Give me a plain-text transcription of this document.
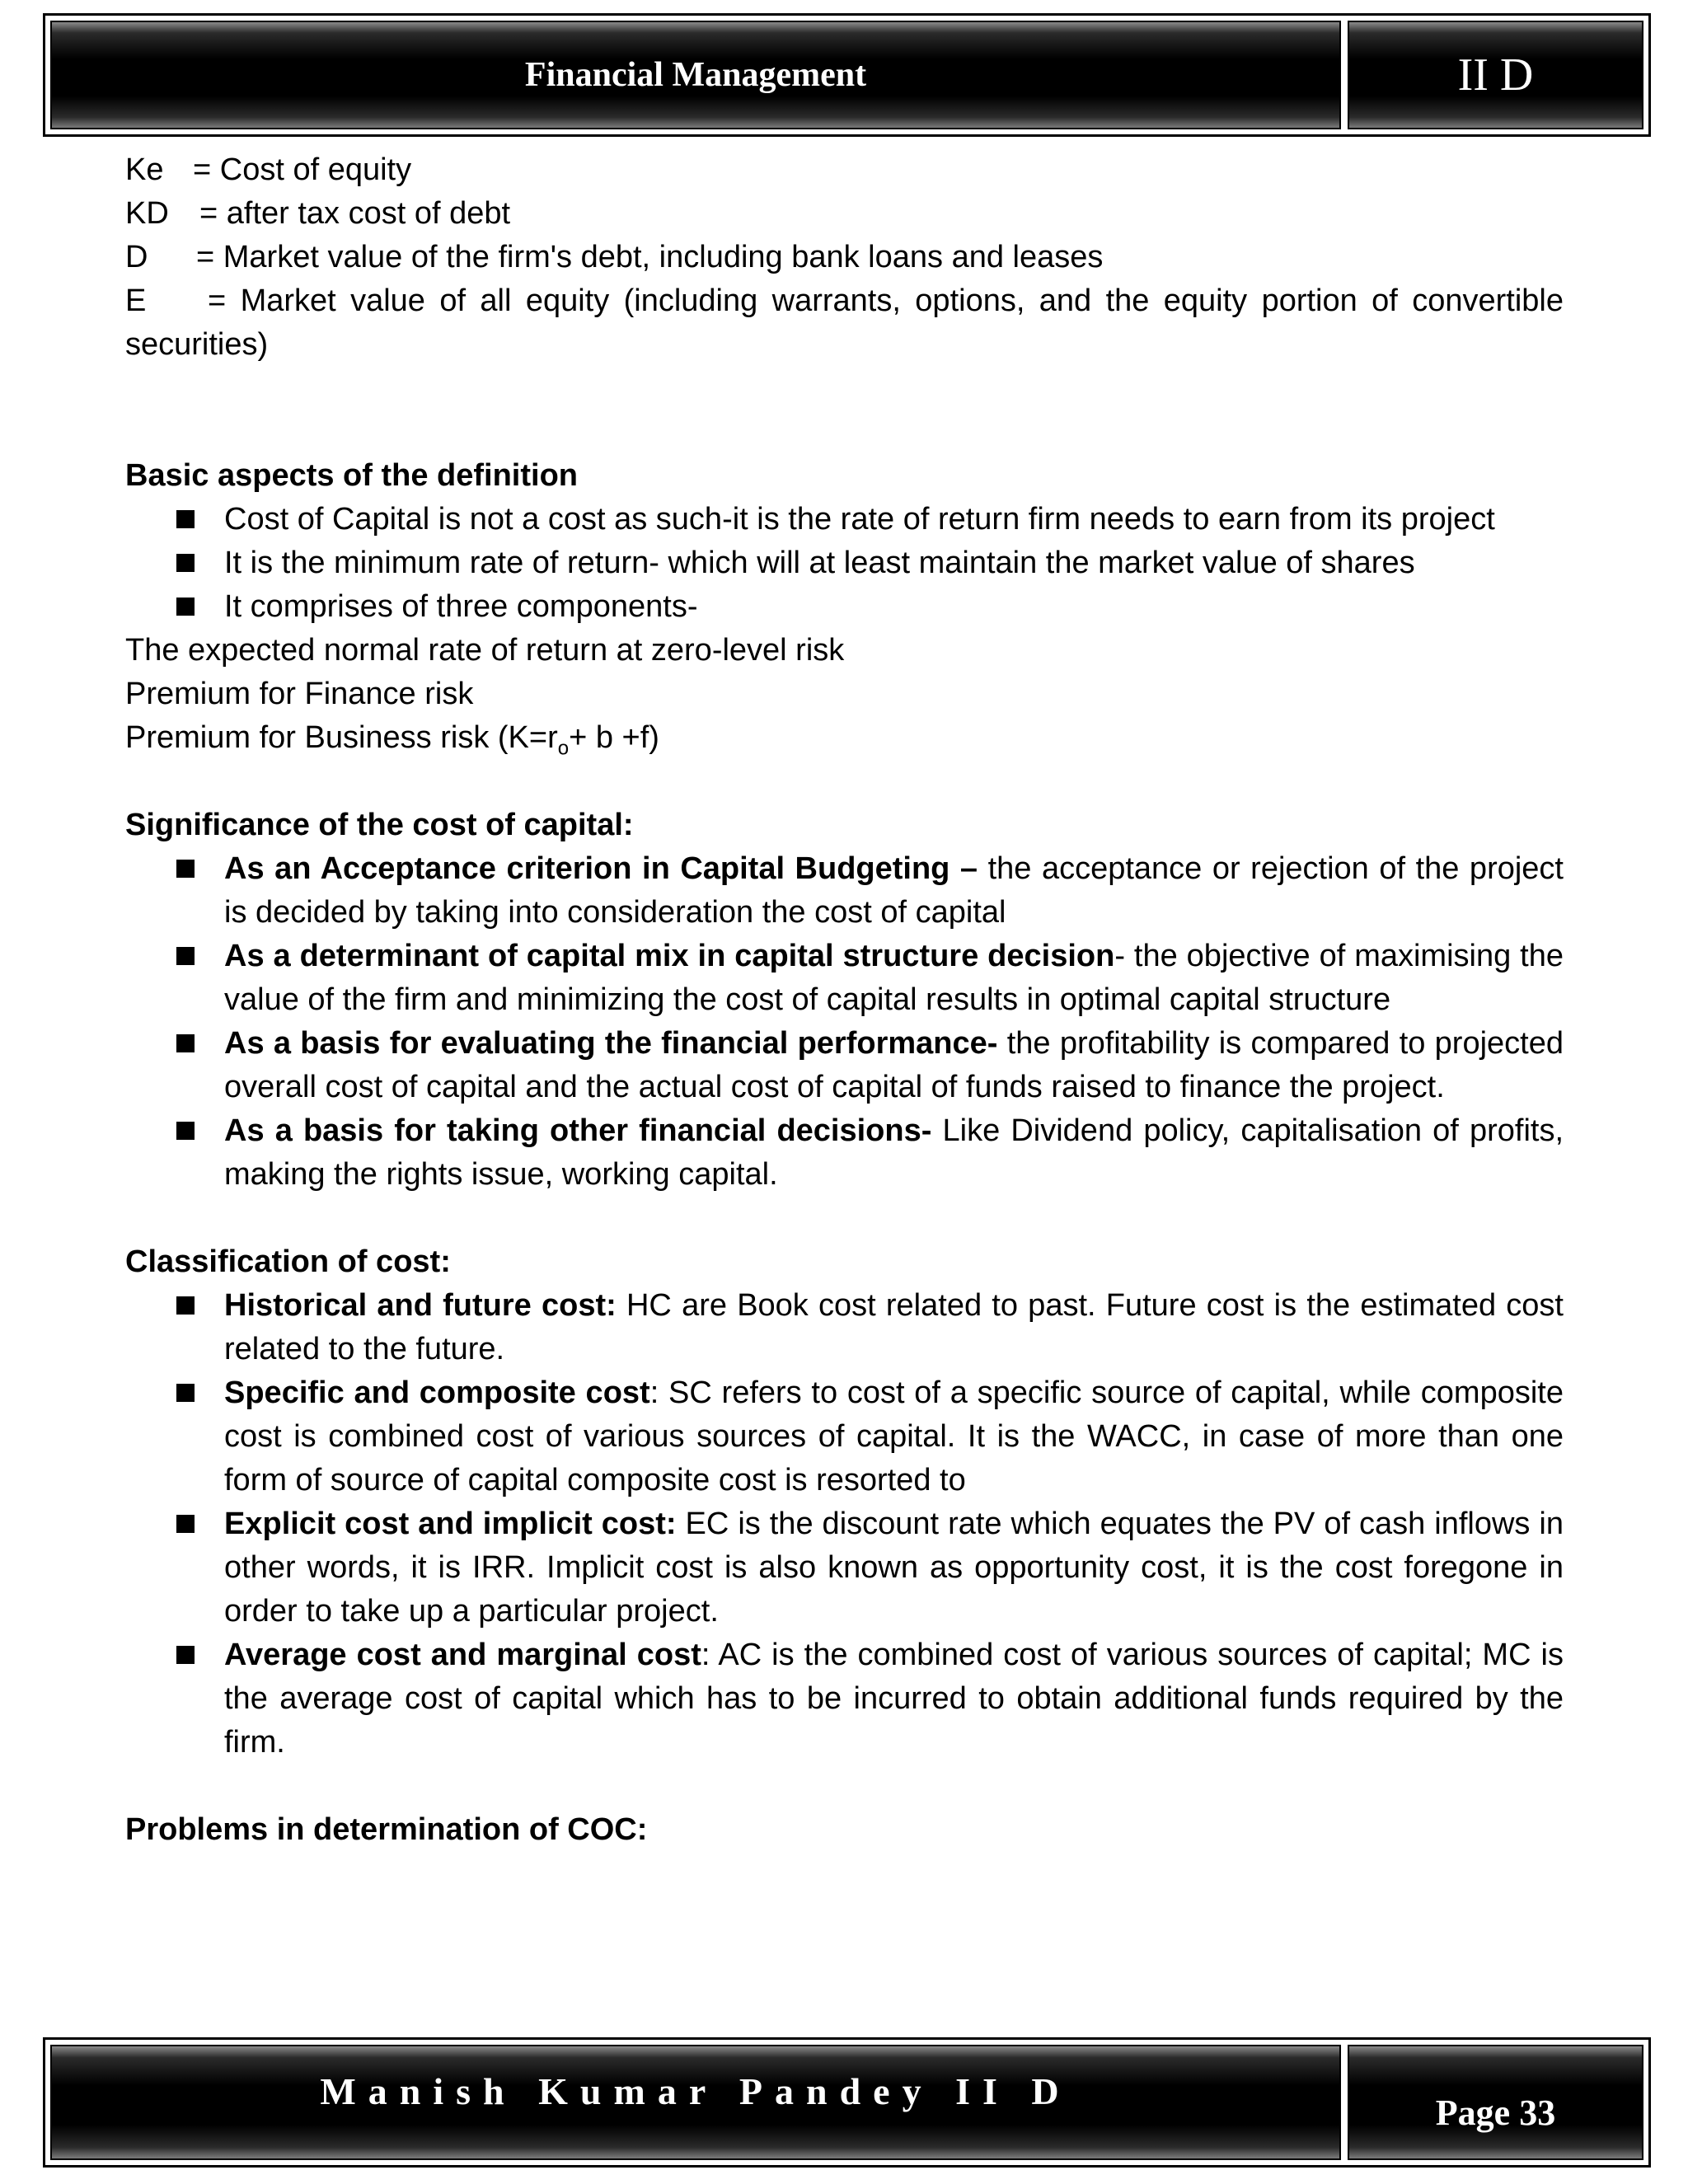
Financial Management	II D
Ke = Cost of equity
KD = after tax cost of debt
D	= Market value of the firm's debt, including bank loans and leases

E = Market value of all equity (including warrants, options, and the equity portion of convertible securities)

Basic aspects of the definition

Cost of Capital is not a cost as such-it is the rate of return firm needs to earn from its project
It is the minimum rate of return- which will at least maintain the market value of shares
It comprises of three components-

The expected normal rate of return at zero-level risk

Premium for Finance risk

Premium for Business risk $(K=r_o+ b +f)$

Significance of the cost of capital:

As an Acceptance criterion in Capital Budgeting – the acceptance or rejection of the project is decided by taking into consideration the cost of capital
As a determinant of capital mix in capital structure decision- the objective of maximising the value of the firm and minimizing the cost of capital results in optimal capital structure
As a basis for evaluating the financial performance- the profitability is compared to projected overall cost of capital and the actual cost of capital of funds raised to finance the project.
As a basis for taking other financial decisions- Like Dividend policy, capitalisation of profits, making the rights issue, working capital.

Classification of cost:

Historical and future cost: HC are Book cost related to past. Future cost is the estimated cost related to the future.
Specific and composite cost: SC refers to cost of a specific source of capital, while composite cost is combined cost of various sources of capital. It is the WACC, in case of more than one form of source of capital composite cost is resorted to
Explicit cost and implicit cost: EC is the discount rate which equates the PV of cash inflows in other words, it is IRR. Implicit cost is also known as opportunity cost, it is the cost foregone in order to take up a particular project.
Average cost and marginal cost: AC is the combined cost of various sources of capital; MC is the average cost of capital which has to be incurred to obtain additional funds required by the firm.

Problems in determination of COC:

Manish Kumar Pandey II D
Page 33
